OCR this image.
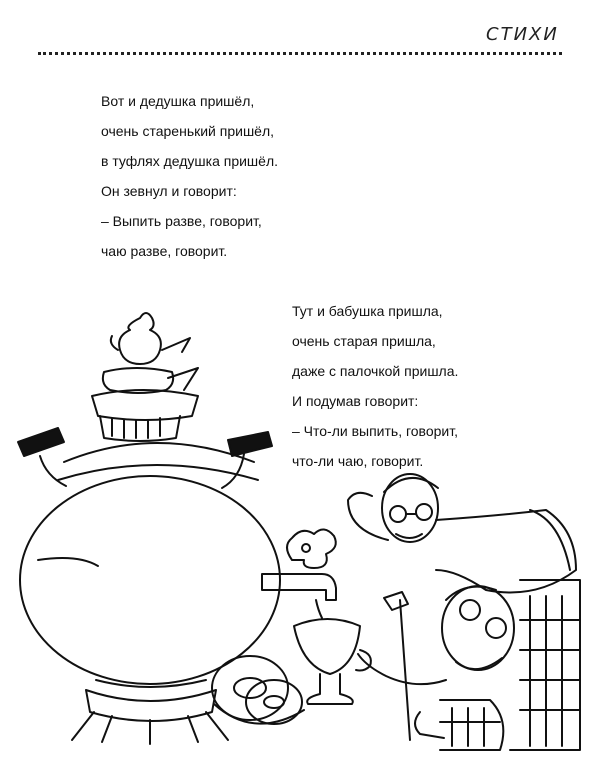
СТИХИ
Вот и дедушка пришёл,
очень старенький пришёл,
в туфлях дедушка пришёл.
Он зевнул и говорит:
– Выпить разве, говорит,
чаю разве, говорит.
Тут и бабушка пришла,
очень старая пришла,
даже с палочкой пришла.
И подумав говорит:
– Что-ли выпить, говорит,
что-ли чаю, говорит.
